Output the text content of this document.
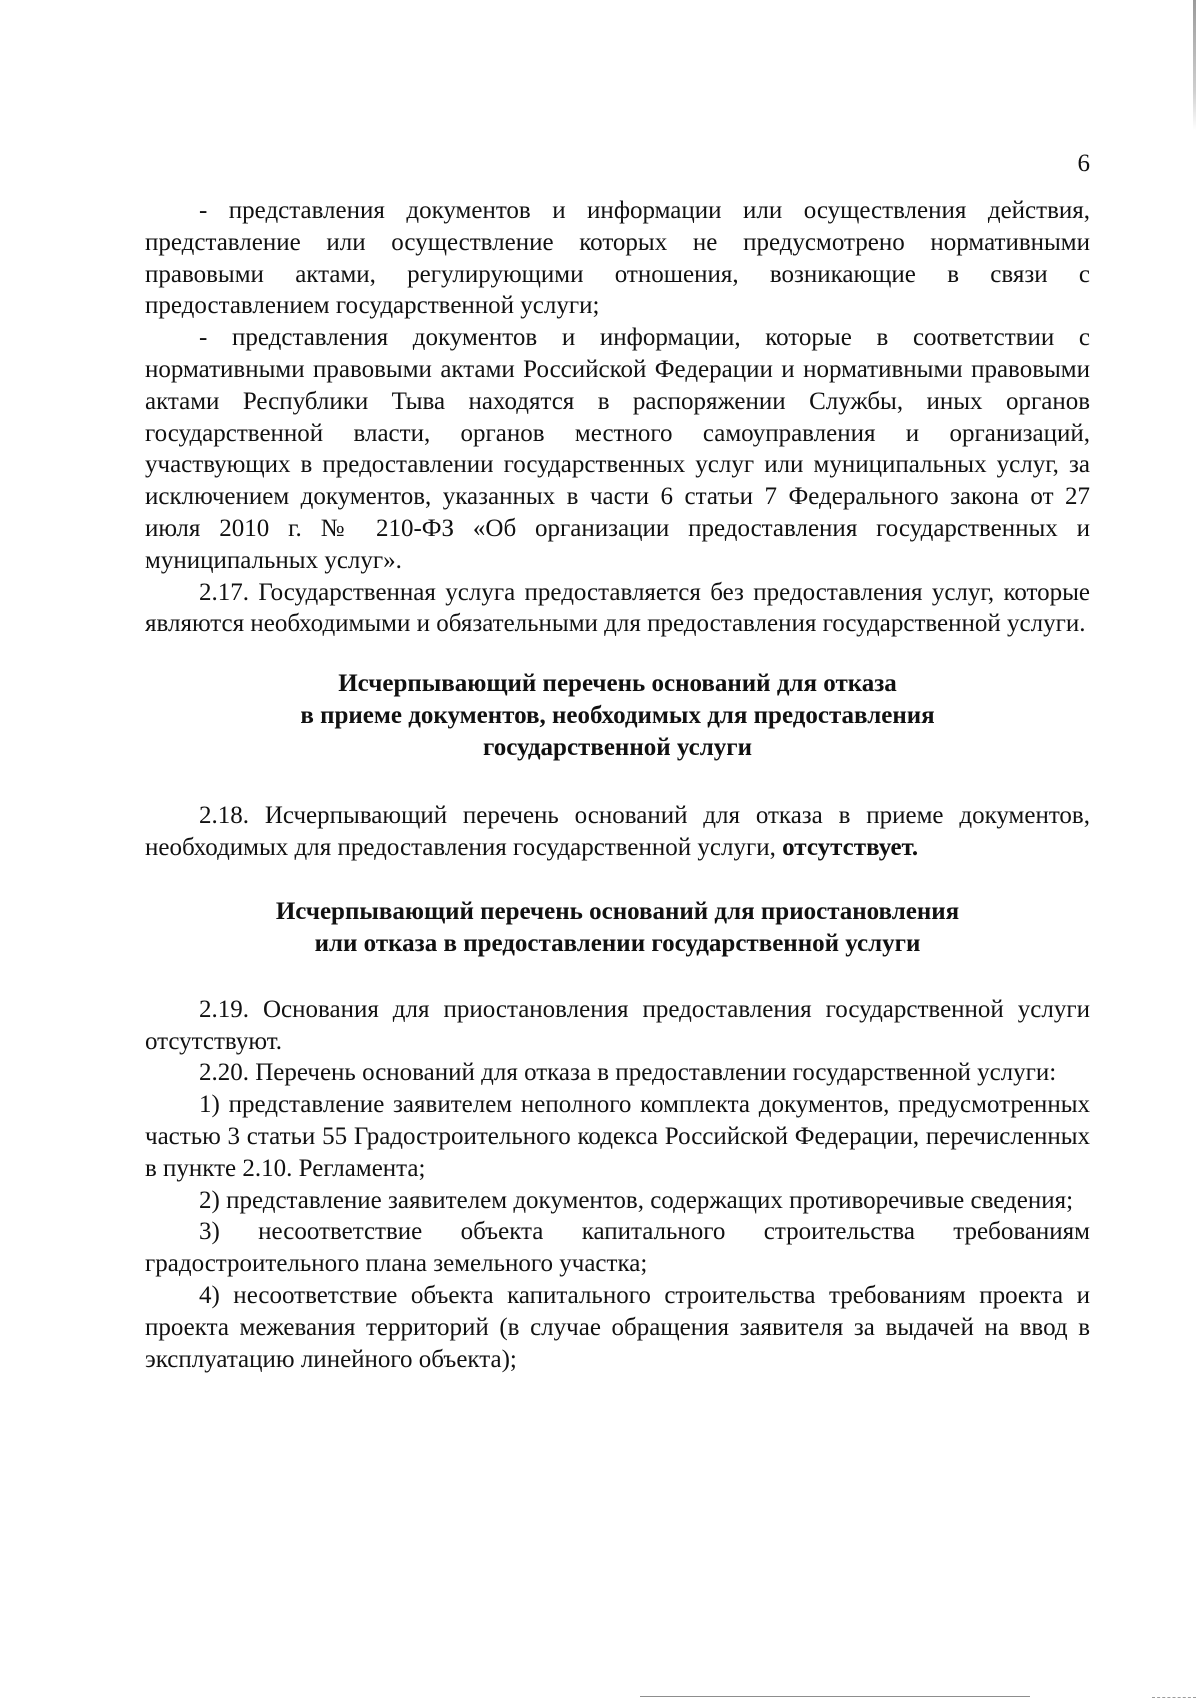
6

- представления документов и информации или осуществления действия, представление или осуществление которых не предусмотрено нормативными правовыми актами, регулирующими отношения, возникающие в связи с предоставлением государственной услуги;

- представления документов и информации, которые в соответствии с нормативными правовыми актами Российской Федерации и нормативными правовыми актами Республики Тыва находятся в распоряжении Службы, иных органов государственной власти, органов местного самоуправления и организаций, участвующих в предоставлении государственных услуг или муниципальных услуг, за исключением документов, указанных в части 6 статьи 7 Федерального закона от 27 июля 2010 г. № 210-ФЗ «Об организации предоставления государственных и муниципальных услуг».

2.17. Государственная услуга предоставляется без предоставления услуг, которые являются необходимыми и обязательными для предоставления государственной услуги.

Исчерпывающий перечень оснований для отказа
в приеме документов, необходимых для предоставления
государственной услуги

2.18. Исчерпывающий перечень оснований для отказа в приеме документов, необходимых для предоставления государственной услуги, отсутствует.

Исчерпывающий перечень оснований для приостановления
или отказа в предоставлении государственной услуги

2.19. Основания для приостановления предоставления государственной услуги отсутствуют.

2.20. Перечень оснований для отказа в предоставлении государственной услуги:

1) представление заявителем неполного комплекта документов, предусмотренных частью 3 статьи 55 Градостроительного кодекса Российской Федерации, перечисленных в пункте 2.10. Регламента;

2) представление заявителем документов, содержащих противоречивые сведения;

3) несоответствие объекта капитального строительства требованиям градостроительного плана земельного участка;

4) несоответствие объекта капитального строительства требованиям проекта и проекта межевания территорий (в случае обращения заявителя за выдачей на ввод в эксплуатацию линейного объекта);
